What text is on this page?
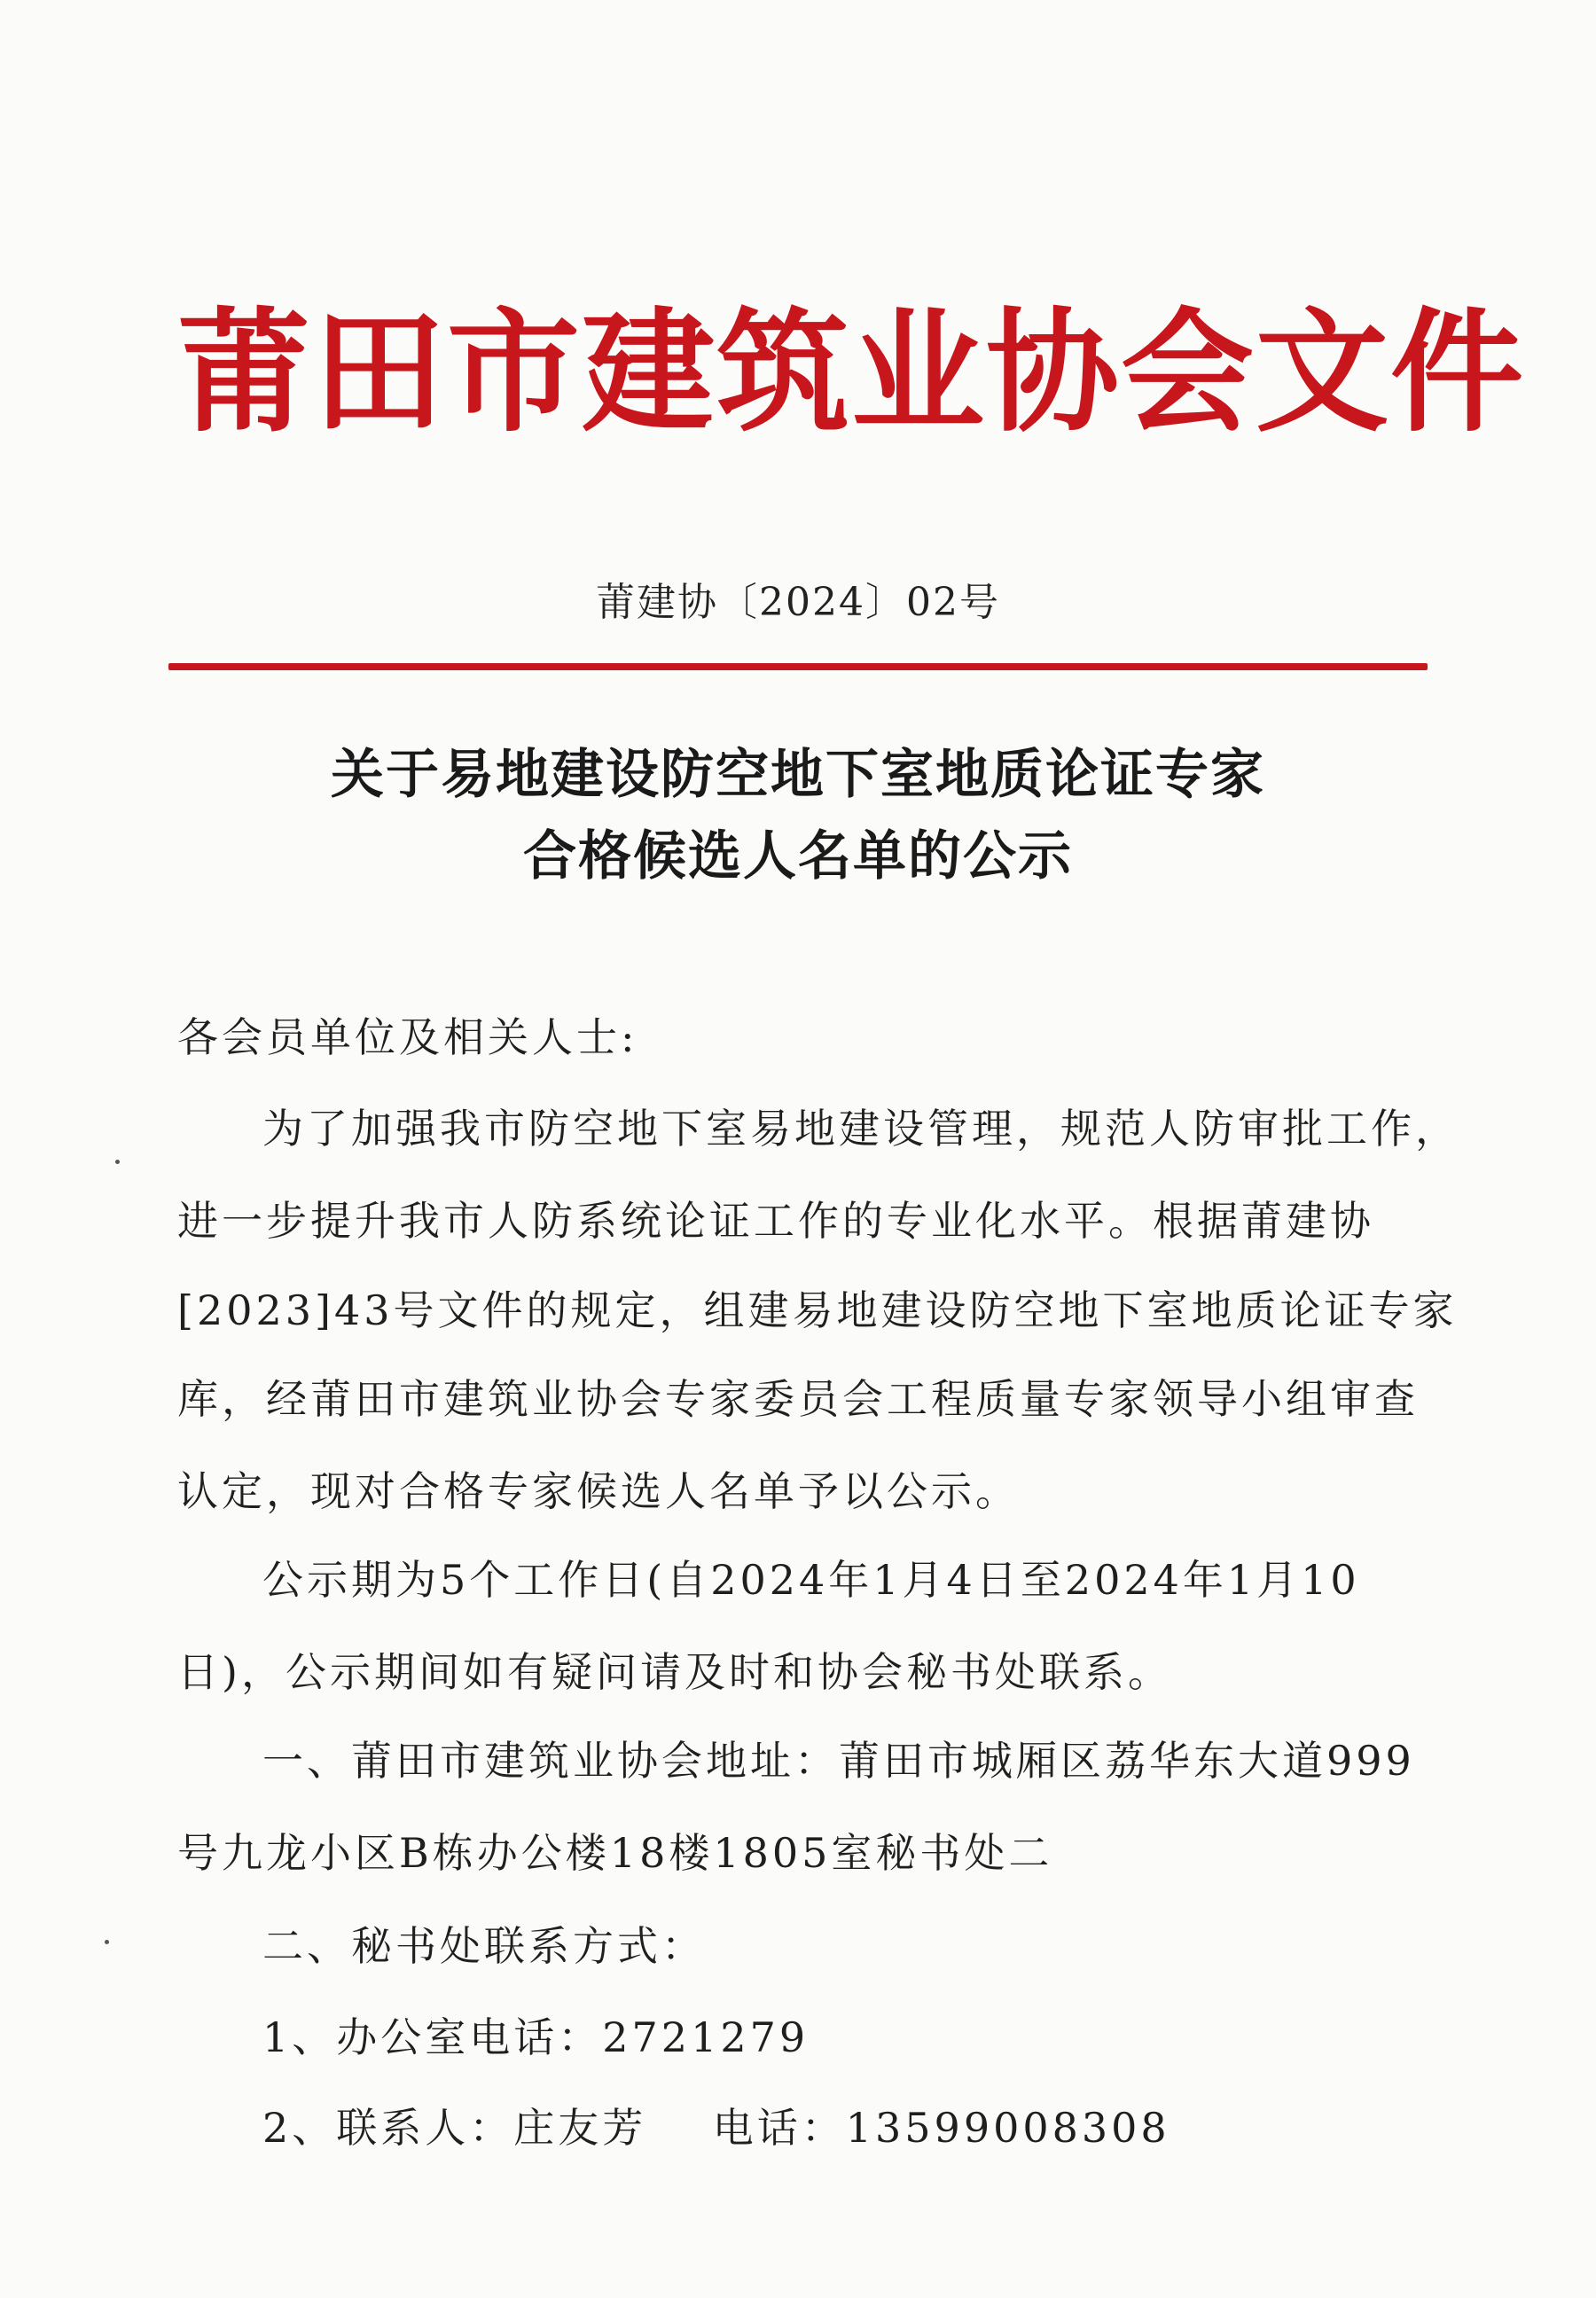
莆田市建筑业协会文件
莆建协〔2024〕02号
关于易地建设防空地下室地质论证专家
合格候选人名单的公示
各会员单位及相关人士:
为了加强我市防空地下室易地建设管理，规范人防审批工作，
进一步提升我市人防系统论证工作的专业化水平。根据莆建协
[2023]43号文件的规定，组建易地建设防空地下室地质论证专家
库，经莆田市建筑业协会专家委员会工程质量专家领导小组审查
认定，现对合格专家候选人名单予以公示。
公示期为5个工作日(自2024年1月4日至2024年1月10
日)，公示期间如有疑问请及时和协会秘书处联系。
一、莆田市建筑业协会地址：莆田市城厢区荔华东大道999
号九龙小区B栋办公楼18楼1805室秘书处二
二、秘书处联系方式：
1、办公室电话：2721279
2、联系人：庄友芳    电话：13599008308
